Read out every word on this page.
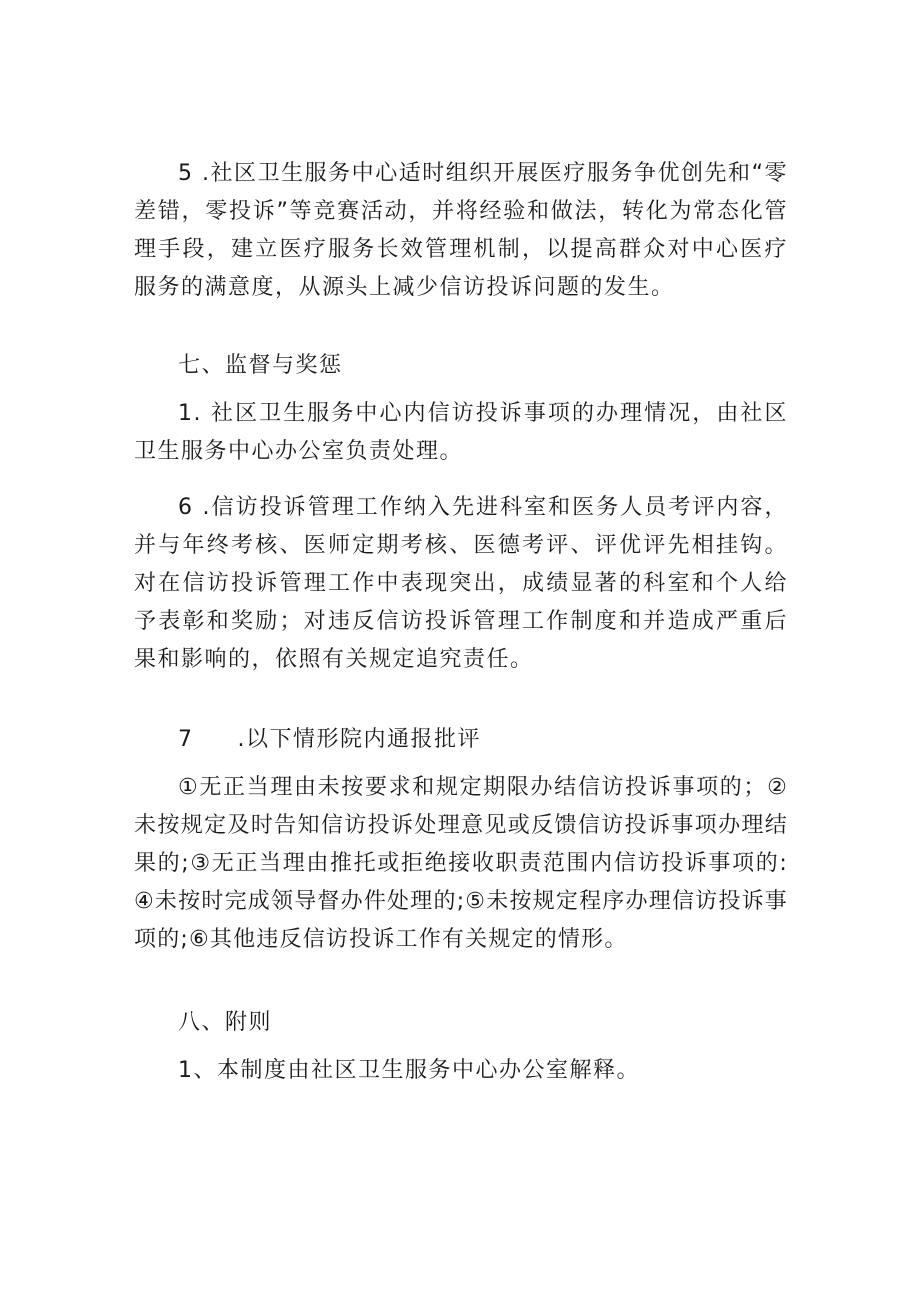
5 .社区卫生服务中心适时组织开展医疗服务争优创先和“零差错，零投诉”等竞赛活动，并将经验和做法，转化为常态化管理手段，建立医疗服务长效管理机制，以提高群众对中心医疗服务的满意度，从源头上减少信访投诉问题的发生。

七、监督与奖惩

1. 社区卫生服务中心内信访投诉事项的办理情况，由社区卫生服务中心办公室负责处理。

6 .信访投诉管理工作纳入先进科室和医务人员考评内容，并与年终考核、医师定期考核、医德考评、评优评先相挂钩。对在信访投诉管理工作中表现突出，成绩显著的科室和个人给予表彰和奖励；对违反信访投诉管理工作制度和并造成严重后果和影响的，依照有关规定追究责任。

7 .以下情形院内通报批评

①无正当理由未按要求和规定期限办结信访投诉事项的；②未按规定及时告知信访投诉处理意见或反馈信访投诉事项办理结果的;③无正当理由推托或拒绝接收职责范围内信访投诉事项的:④未按时完成领导督办件处理的;⑤未按规定程序办理信访投诉事项的;⑥其他违反信访投诉工作有关规定的情形。

八、附则

1、本制度由社区卫生服务中心办公室解释。
